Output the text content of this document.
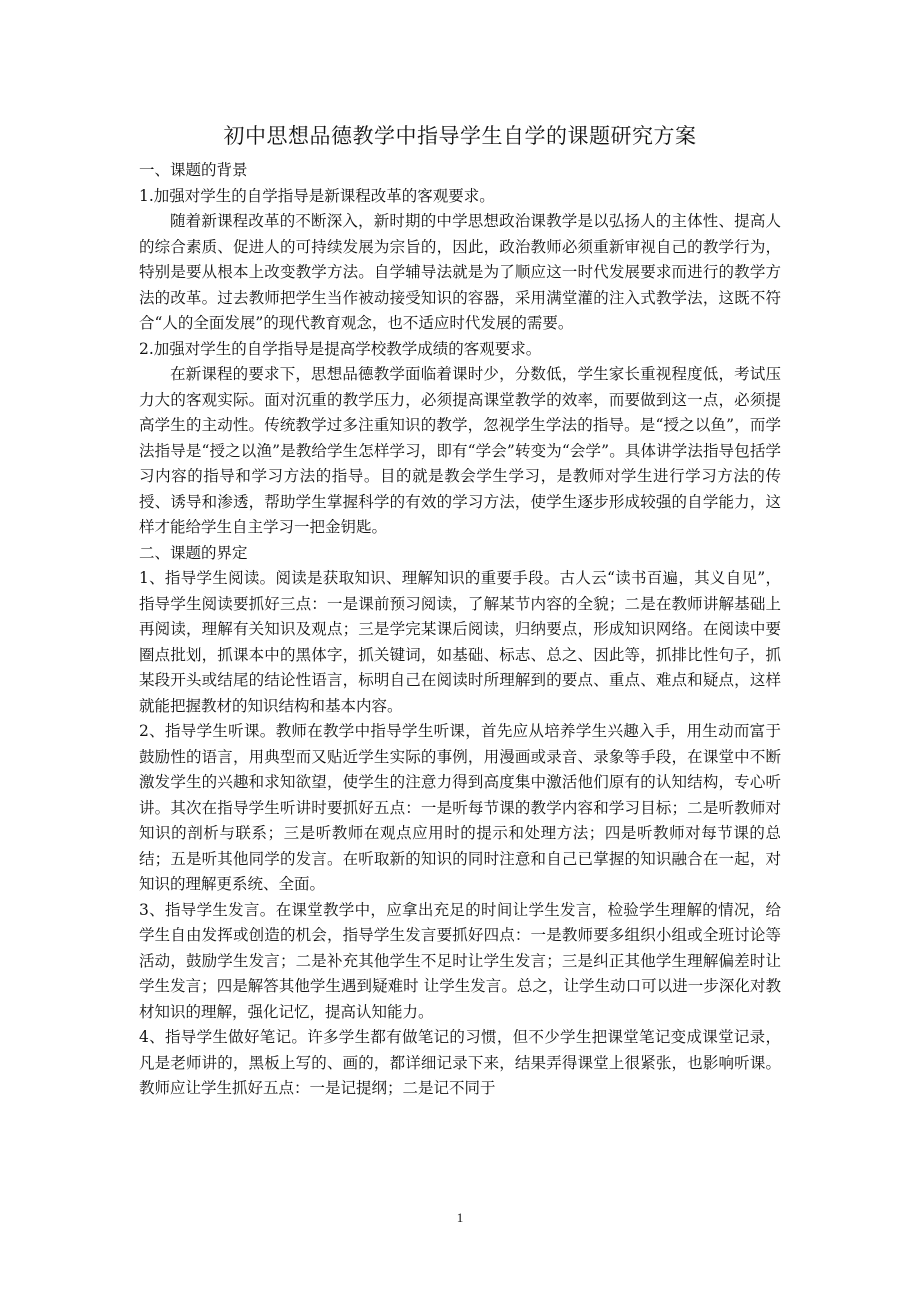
初中思想品德教学中指导学生自学的课题研究方案

一、课题的背景

1.加强对学生的自学指导是新课程改革的客观要求。

随着新课程改革的不断深入，新时期的中学思想政治课教学是以弘扬人的主体性、提高人的综合素质、促进人的可持续发展为宗旨的，因此，政治教师必须重新审视自己的教学行为，特别是要从根本上改变教学方法。自学辅导法就是为了顺应这一时代发展要求而进行的教学方法的改革。过去教师把学生当作被动接受知识的容器，采用满堂灌的注入式教学法，这既不符合“人的全面发展”的现代教育观念，也不适应时代发展的需要。

2.加强对学生的自学指导是提高学校教学成绩的客观要求。

在新课程的要求下，思想品德教学面临着课时少，分数低，学生家长重视程度低，考试压力大的客观实际。面对沉重的教学压力，必须提高课堂教学的效率，而要做到这一点，必须提高学生的主动性。传统教学过多注重知识的教学，忽视学生学法的指导。是“授之以鱼”，而学法指导是“授之以渔”是教给学生怎样学习，即有“学会”转变为“会学”。具体讲学法指导包括学习内容的指导和学习方法的指导。目的就是教会学生学习，是教师对学生进行学习方法的传授、诱导和渗透，帮助学生掌握科学的有效的学习方法，使学生逐步形成较强的自学能力，这样才能给学生自主学习一把金钥匙。

二、课题的界定

1、指导学生阅读。阅读是获取知识、理解知识的重要手段。古人云“读书百遍，其义自见”，指导学生阅读要抓好三点：一是课前预习阅读，了解某节内容的全貌；二是在教师讲解基础上再阅读，理解有关知识及观点；三是学完某课后阅读，归纳要点，形成知识网络。在阅读中要圈点批划，抓课本中的黑体字，抓关键词，如基础、标志、总之、因此等，抓排比性句子，抓某段开头或结尾的结论性语言，标明自己在阅读时所理解到的要点、重点、难点和疑点，这样就能把握教材的知识结构和基本内容。

2、指导学生听课。教师在教学中指导学生听课，首先应从培养学生兴趣入手，用生动而富于鼓励性的语言，用典型而又贴近学生实际的事例，用漫画或录音、录象等手段，在课堂中不断激发学生的兴趣和求知欲望，使学生的注意力得到高度集中激活他们原有的认知结构，专心听讲。其次在指导学生听讲时要抓好五点：一是听每节课的教学内容和学习目标；二是听教师对知识的剖析与联系；三是听教师在观点应用时的提示和处理方法；四是听教师对每节课的总结；五是听其他同学的发言。在听取新的知识的同时注意和自己已掌握的知识融合在一起，对知识的理解更系统、全面。

3、指导学生发言。在课堂教学中，应拿出充足的时间让学生发言，检验学生理解的情况，给学生自由发挥或创造的机会，指导学生发言要抓好四点：一是教师要多组织小组或全班讨论等活动，鼓励学生发言；二是补充其他学生不足时让学生发言；三是纠正其他学生理解偏差时让学生发言；四是解答其他学生遇到疑难时 让学生发言。总之，让学生动口可以进一步深化对教材知识的理解，强化记忆，提高认知能力。

4、指导学生做好笔记。许多学生都有做笔记的习惯，但不少学生把课堂笔记变成课堂记录，凡是老师讲的，黑板上写的、画的，都详细记录下来，结果弄得课堂上很紧张，也影响听课。教师应让学生抓好五点：一是记提纲；二是记不同于

1
